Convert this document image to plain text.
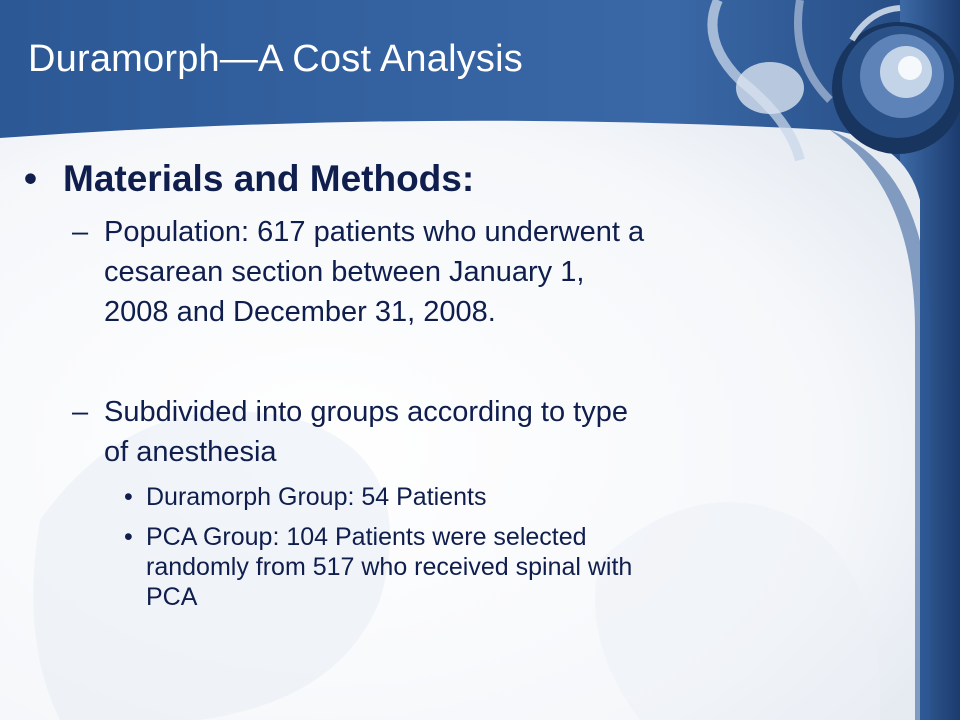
Duramorph—A Cost Analysis
• Materials and Methods:
– Population: 617 patients who underwent a
cesarean section between January 1,
2008 and December 31, 2008.
– Subdivided into groups according to type
of anesthesia
• Duramorph Group: 54 Patients
• PCA Group: 104 Patients were selected
randomly from 517 who received spinal with
PCA
